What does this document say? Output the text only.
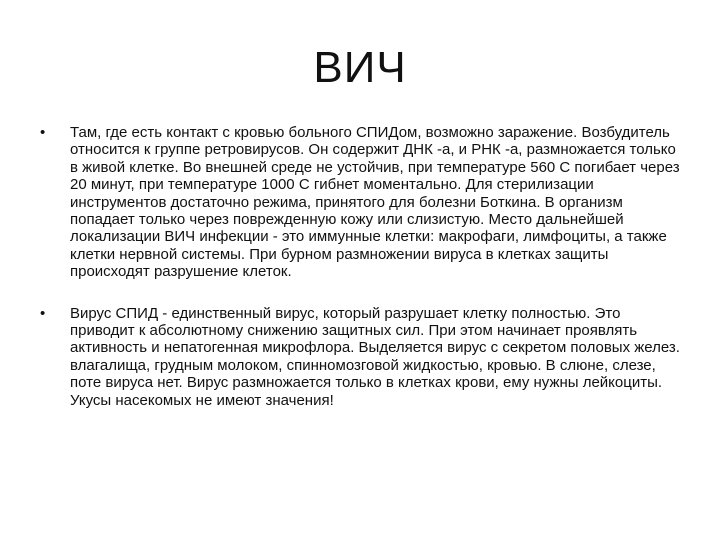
ВИЧ
• Там, где есть контакт с кровью больного СПИДом, возможно заражение. Возбудитель относится к группе ретровирусов. Он содержит ДНК -а, и РНК -а, размножается только в живой клетке. Во внешней среде не устойчив, при температуре 560 С погибает через 20 минут, при температуре 1000 С гибнет моментально. Для стерилизации инструментов достаточно режима, принятого для болезни Боткина. В организм попадает только через поврежденную кожу или слизистую. Место дальнейшей локализации ВИЧ инфекции - это иммунные клетки: макрофаги, лимфоциты, а также клетки нервной системы. При бурном размножении вируса в клетках защиты происходят разрушение клеток.
• Вирус СПИД - единственный вирус, который разрушает клетку полностью. Это приводит к абсолютному снижению защитных сил. При этом начинает проявлять активность и непатогенная микрофлора. Выделяется вирус с секретом половых желез. влагалища, грудным молоком, спинномозговой жидкостью, кровью. В слюне, слезе, поте вируса нет. Вирус размножается только в клетках крови, ему нужны лейкоциты. Укусы насекомых не имеют значения!
